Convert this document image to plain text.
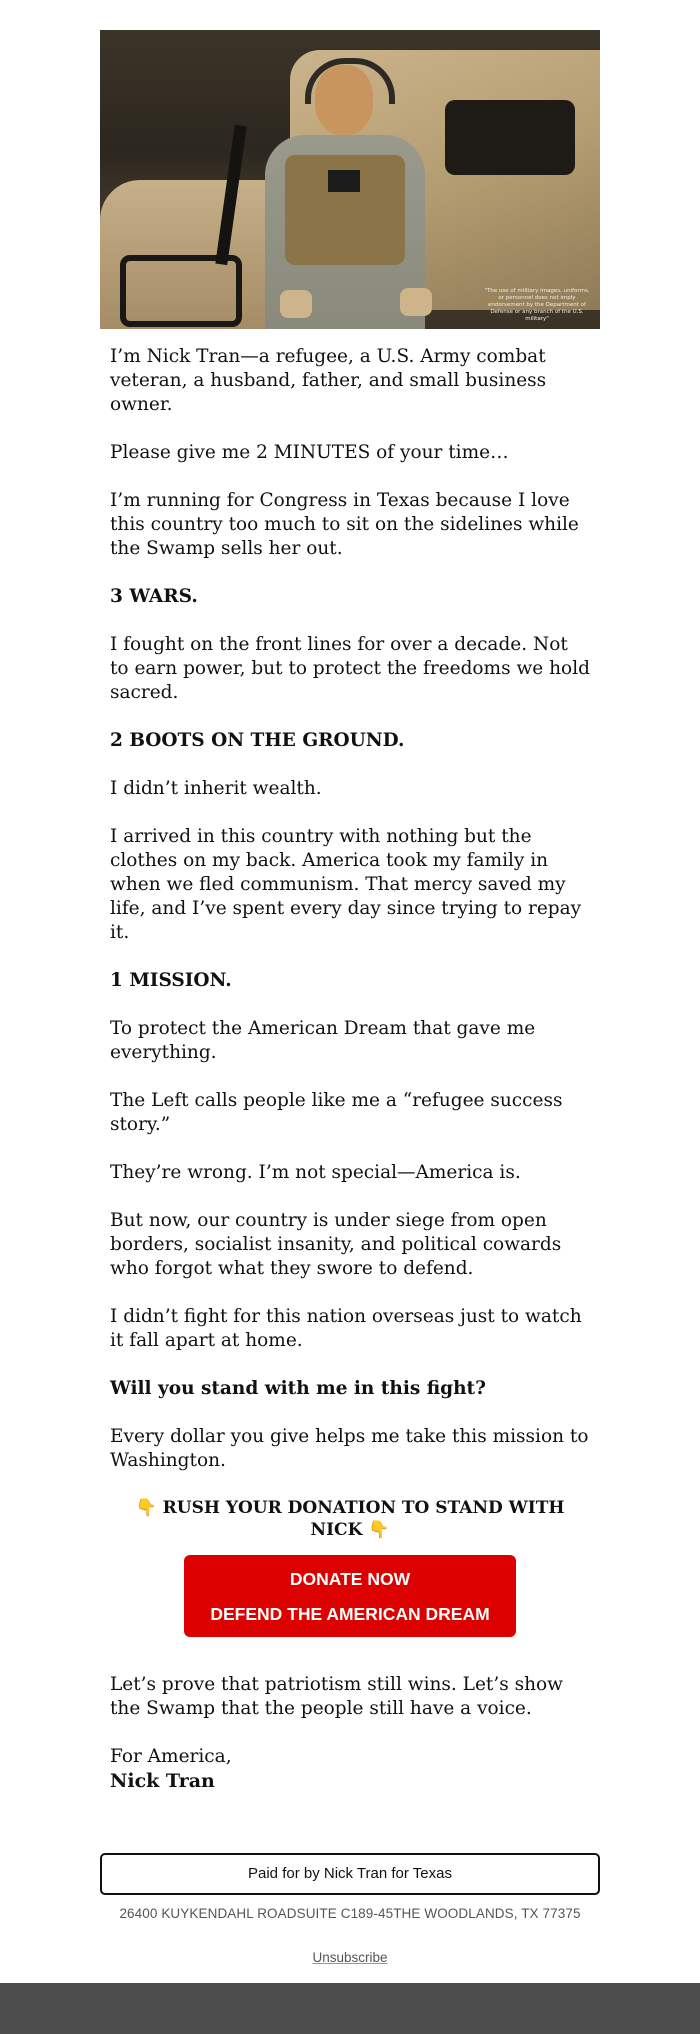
"The use of military images, uniforms, or personnel does not imply endorsement by the Department of Defense or any branch of the U.S. military"

I’m Nick Tran—a refugee, a U.S. Army combat veteran, a husband, father, and small business owner.

Please give me 2 MINUTES of your time…

I’m running for Congress in Texas because I love this country too much to sit on the sidelines while the Swamp sells her out.

3 WARS.

I fought on the front lines for over a decade. Not to earn power, but to protect the freedoms we hold sacred.

2 BOOTS ON THE GROUND.

I didn’t inherit wealth.

I arrived in this country with nothing but the clothes on my back. America took my family in when we fled communism. That mercy saved my life, and I’ve spent every day since trying to repay it.

1 MISSION.

To protect the American Dream that gave me everything.

The Left calls people like me a “refugee success story.”

They’re wrong. I’m not special—America is.

But now, our country is under siege from open borders, socialist insanity, and political cowards who forgot what they swore to defend.

I didn’t fight for this nation overseas just to watch it fall apart at home.

Will you stand with me in this fight?

Every dollar you give helps me take this mission to Washington.

👇 RUSH YOUR DONATION TO STAND WITH NICK 👇

DONATE NOW
DEFEND THE AMERICAN DREAM

Let’s prove that patriotism still wins. Let’s show the Swamp that the people still have a voice.

For America,
Nick Tran
Paid for by Nick Tran for Texas
26400 KUYKENDAHL ROADSUITE C189-45THE WOODLANDS, TX 77375
Unsubscribe
